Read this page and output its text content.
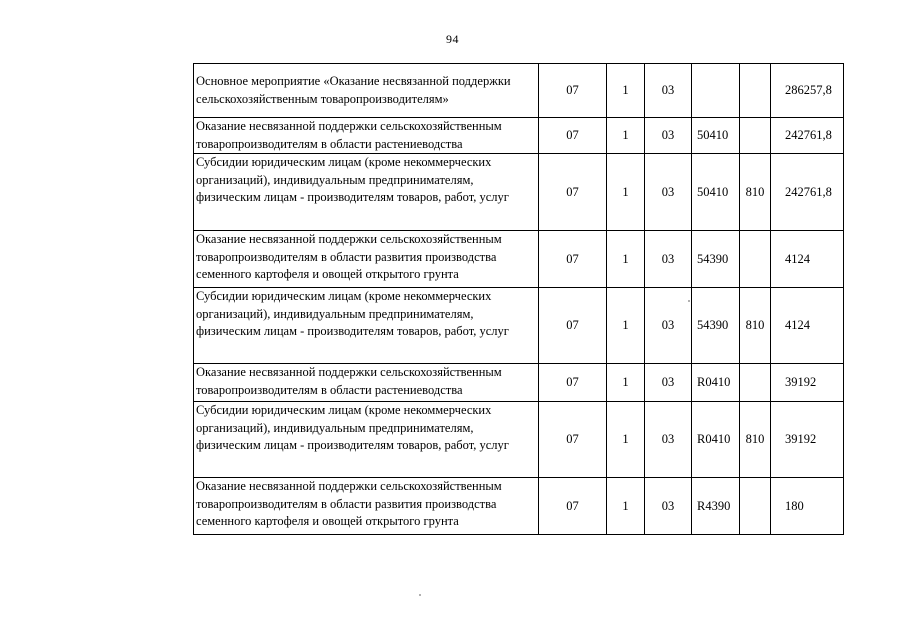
94
Основное мероприятие «Оказание несвязанной поддержки сельскохозяйственным товаропроизводителям»	07	1	03			286257,8
Оказание несвязанной поддержки сельскохозяйственным товаропроизводителям в области растениеводства	07	1	03	50410		242761,8
Субсидии юридическим лицам (кроме некоммерческих организаций), индивидуальным предпринимателям, физическим лицам - производителям товаров, работ, услуг	07	1	03	50410	810	242761,8
Оказание несвязанной поддержки сельскохозяйственным товаропроизводителям в области развития производства семенного картофеля и овощей открытого грунта	07	1	03	54390		4124
Субсидии юридическим лицам (кроме некоммерческих организаций), индивидуальным предпринимателям, физическим лицам - производителям товаров, работ, услуг	07	1	03	54390	810	4124
Оказание несвязанной поддержки сельскохозяйственным товаропроизводителям в области растениеводства	07	1	03	R0410		39192
Субсидии юридическим лицам (кроме некоммерческих организаций), индивидуальным предпринимателям, физическим лицам - производителям товаров, работ, услуг	07	1	03	R0410	810	39192
Оказание несвязанной поддержки сельскохозяйственным товаропроизводителям в области развития производства семенного картофеля и овощей открытого грунта	07	1	03	R4390		180
